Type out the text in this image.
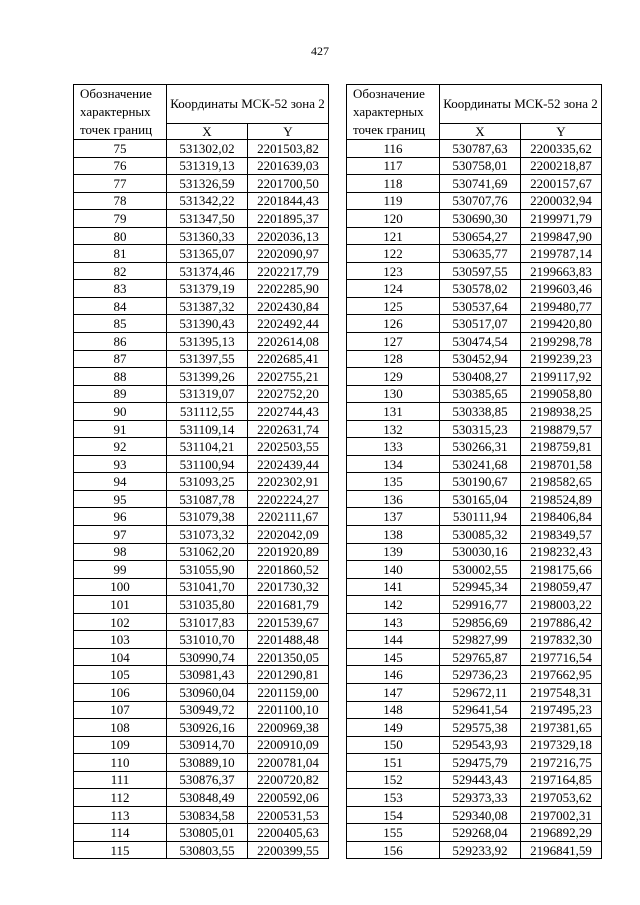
427
Обозначение характерных точек границ	Координаты МСК-52 зона 2	
	X	Y
75	531302,02	2201503,82
76	531319,13	2201639,03
77	531326,59	2201700,50
78	531342,22	2201844,43
79	531347,50	2201895,37
80	531360,33	2202036,13
81	531365,07	2202090,97
82	531374,46	2202217,79
83	531379,19	2202285,90
84	531387,32	2202430,84
85	531390,43	2202492,44
86	531395,13	2202614,08
87	531397,55	2202685,41
88	531399,26	2202755,21
89	531319,07	2202752,20
90	531112,55	2202744,43
91	531109,14	2202631,74
92	531104,21	2202503,55
93	531100,94	2202439,44
94	531093,25	2202302,91
95	531087,78	2202224,27
96	531079,38	2202111,67
97	531073,32	2202042,09
98	531062,20	2201920,89
99	531055,90	2201860,52
100	531041,70	2201730,32
101	531035,80	2201681,79
102	531017,83	2201539,67
103	531010,70	2201488,48
104	530990,74	2201350,05
105	530981,43	2201290,81
106	530960,04	2201159,00
107	530949,72	2201100,10
108	530926,16	2200969,38
109	530914,70	2200910,09
110	530889,10	2200781,04
111	530876,37	2200720,82
112	530848,49	2200592,06
113	530834,58	2200531,53
114	530805,01	2200405,63
115	530803,55	2200399,55
Обозначение характерных точек границ	Координаты МСК-52 зона 2	
	X	Y
116	530787,63	2200335,62
117	530758,01	2200218,87
118	530741,69	2200157,67
119	530707,76	2200032,94
120	530690,30	2199971,79
121	530654,27	2199847,90
122	530635,77	2199787,14
123	530597,55	2199663,83
124	530578,02	2199603,46
125	530537,64	2199480,77
126	530517,07	2199420,80
127	530474,54	2199298,78
128	530452,94	2199239,23
129	530408,27	2199117,92
130	530385,65	2199058,80
131	530338,85	2198938,25
132	530315,23	2198879,57
133	530266,31	2198759,81
134	530241,68	2198701,58
135	530190,67	2198582,65
136	530165,04	2198524,89
137	530111,94	2198406,84
138	530085,32	2198349,57
139	530030,16	2198232,43
140	530002,55	2198175,66
141	529945,34	2198059,47
142	529916,77	2198003,22
143	529856,69	2197886,42
144	529827,99	2197832,30
145	529765,87	2197716,54
146	529736,23	2197662,95
147	529672,11	2197548,31
148	529641,54	2197495,23
149	529575,38	2197381,65
150	529543,93	2197329,18
151	529475,79	2197216,75
152	529443,43	2197164,85
153	529373,33	2197053,62
154	529340,08	2197002,31
155	529268,04	2196892,29
156	529233,92	2196841,59
